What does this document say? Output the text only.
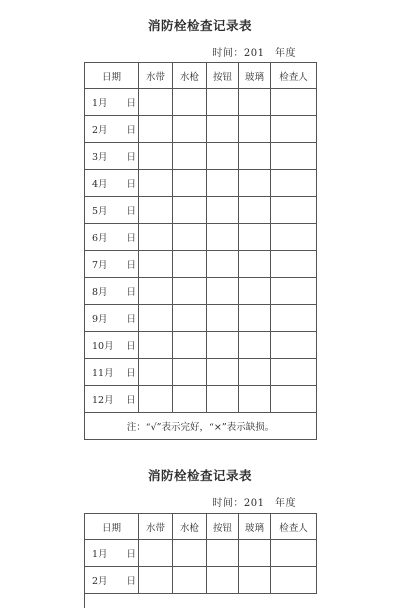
消防栓检查记录表
时间：201　年度
日期	水带	水枪	按钮	玻璃	检查人
1月　　日					
2月　　日					
3月　　日					
4月　　日					
5月　　日					
6月　　日					
7月　　日					
8月　　日					
9月　　日					
10月　 日					
11月　 日					
12月　 日					
注：“√”表示完好，“×”表示缺损。					
消防栓检查记录表
时间：201　年度
日期	水带	水枪	按钮	玻璃	检查人
1月　　日					
2月　　日					
